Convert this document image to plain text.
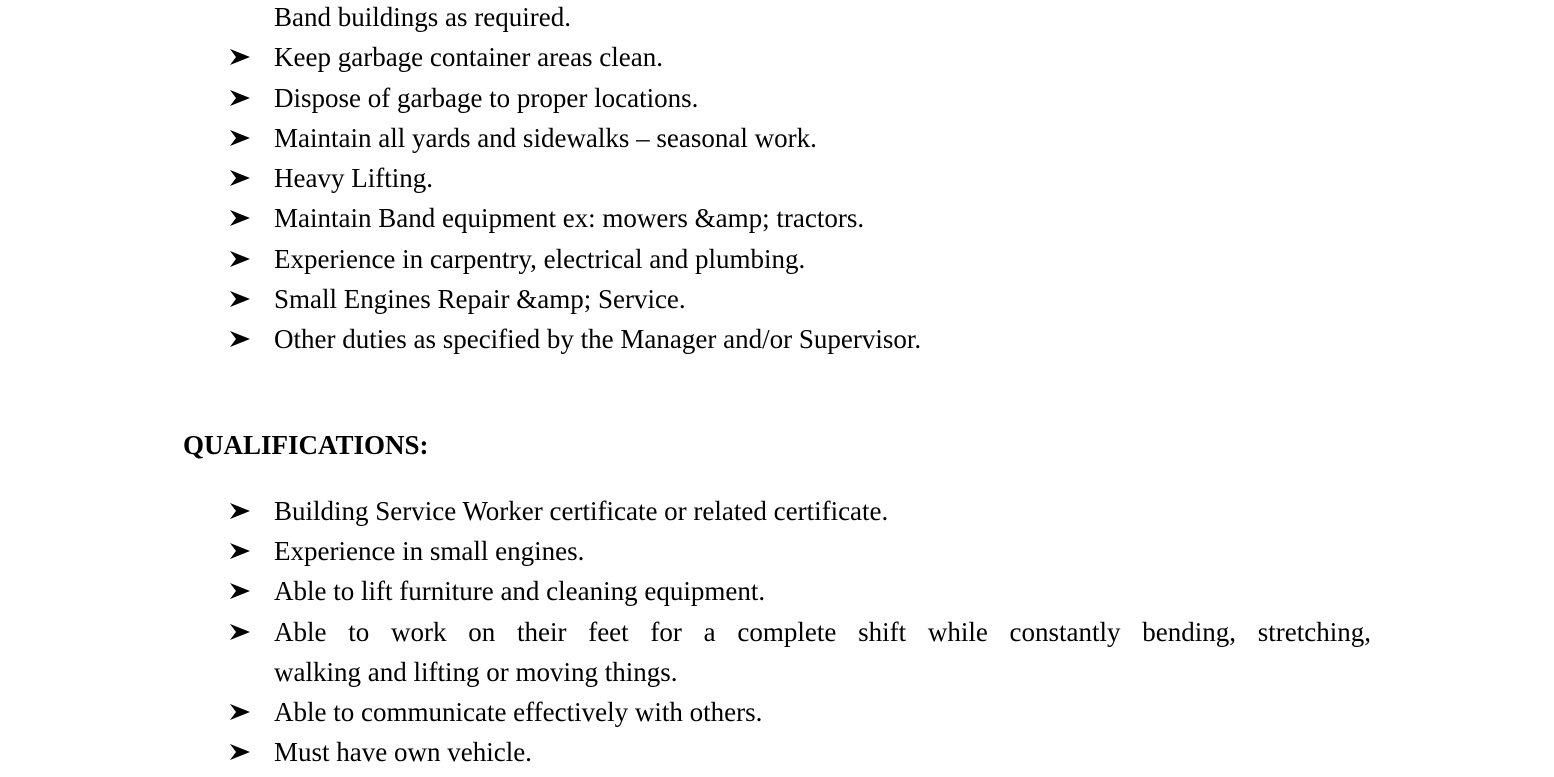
Band buildings as required.
Keep garbage container areas clean.
Dispose of garbage to proper locations.
Maintain all yards and sidewalks – seasonal work.
Heavy Lifting.
Maintain Band equipment ex: mowers &amp; tractors.
Experience in carpentry, electrical and plumbing.
Small Engines Repair &amp; Service.
Other duties as specified by the Manager and/or Supervisor.
QUALIFICATIONS:
Building Service Worker certificate or related certificate.
Experience in small engines.
Able to lift furniture and cleaning equipment.
Able to work on their feet for a complete shift while constantly bending, stretching,
walking and lifting or moving things.
Able to communicate effectively with others.
Must have own vehicle.
